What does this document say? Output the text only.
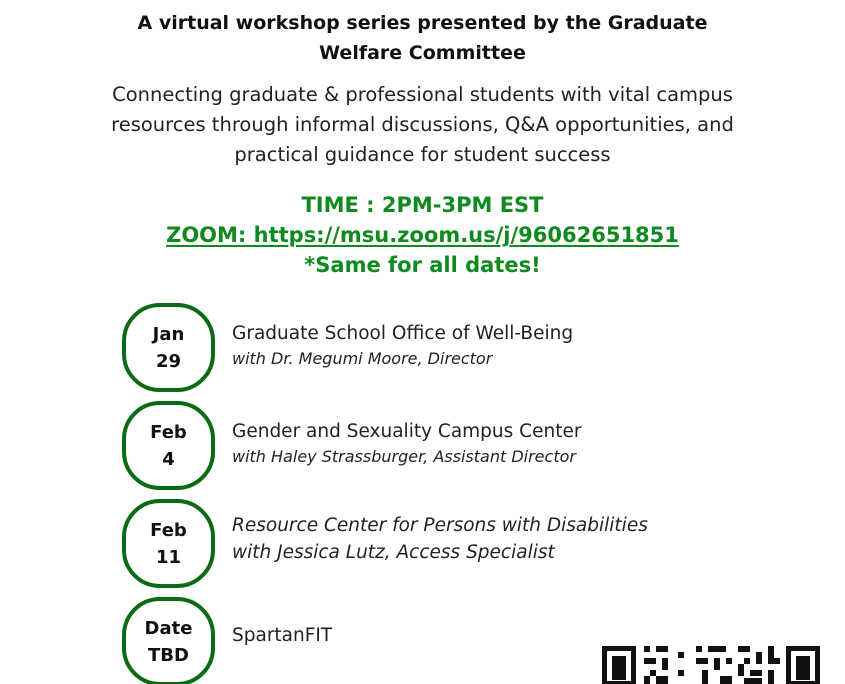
A virtual workshop series presented by the Graduate
Welfare Committee
Connecting graduate & professional students with vital campus
resources through informal discussions, Q&A opportunities, and
practical guidance for student success
TIME : 2PM-3PM EST
ZOOM: https://msu.zoom.us/j/96062651851
*Same for all dates!
Jan
29
Graduate School Office of Well-Being
with Dr. Megumi Moore, Director
Feb
4
Gender and Sexuality Campus Center
with Haley Strassburger, Assistant Director
Feb
11
Resource Center for Persons with Disabilities
with Jessica Lutz, Access Specialist
Date
TBD
SpartanFIT
